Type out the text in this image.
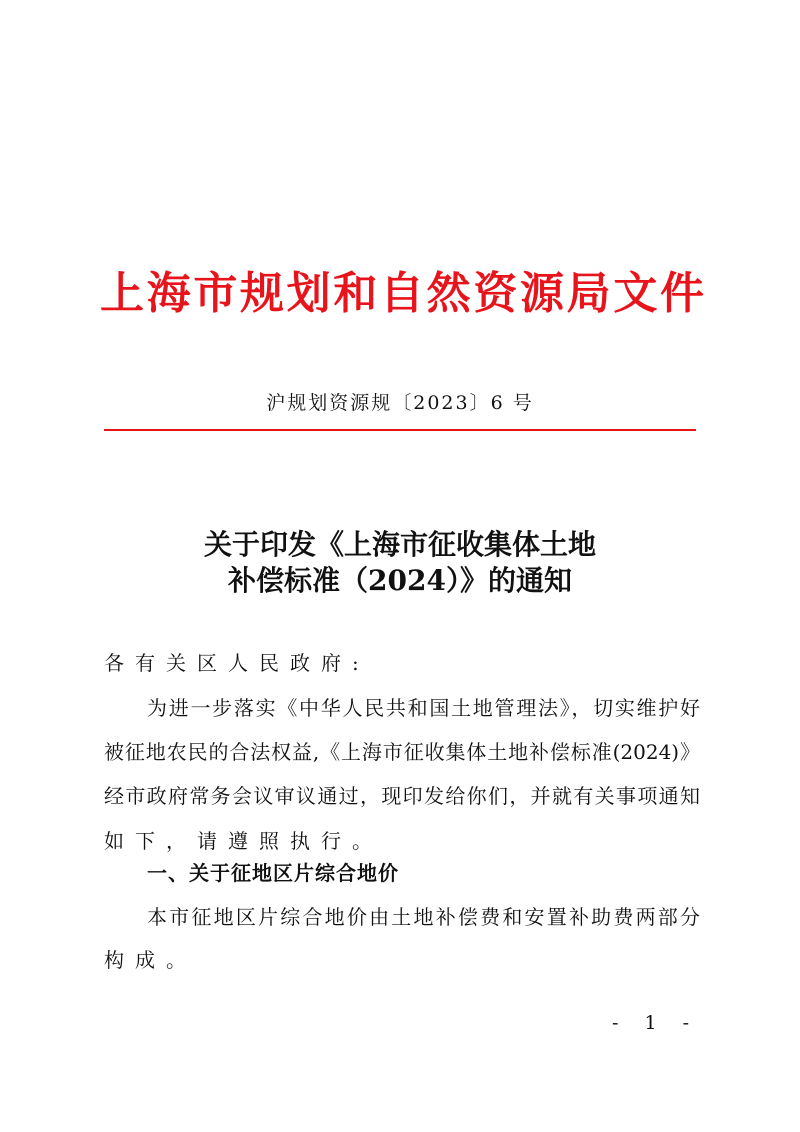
上海市规划和自然资源局文件
沪规划资源规〔2023〕6 号
关于印发《上海市征收集体土地
补偿标准（2024）》的通知
各有关区人民政府:
为进一步落实《中华人民共和国土地管理法》，切实维护好
被征地农民的合法权益,《上海市征收集体土地补偿标准(2024)》
经市政府常务会议审议通过，现印发给你们，并就有关事项通知
如下，请遵照执行。
一、关于征地区片综合地价
本市征地区片综合地价由土地补偿费和安置补助费两部分
构成。
- 1 -
